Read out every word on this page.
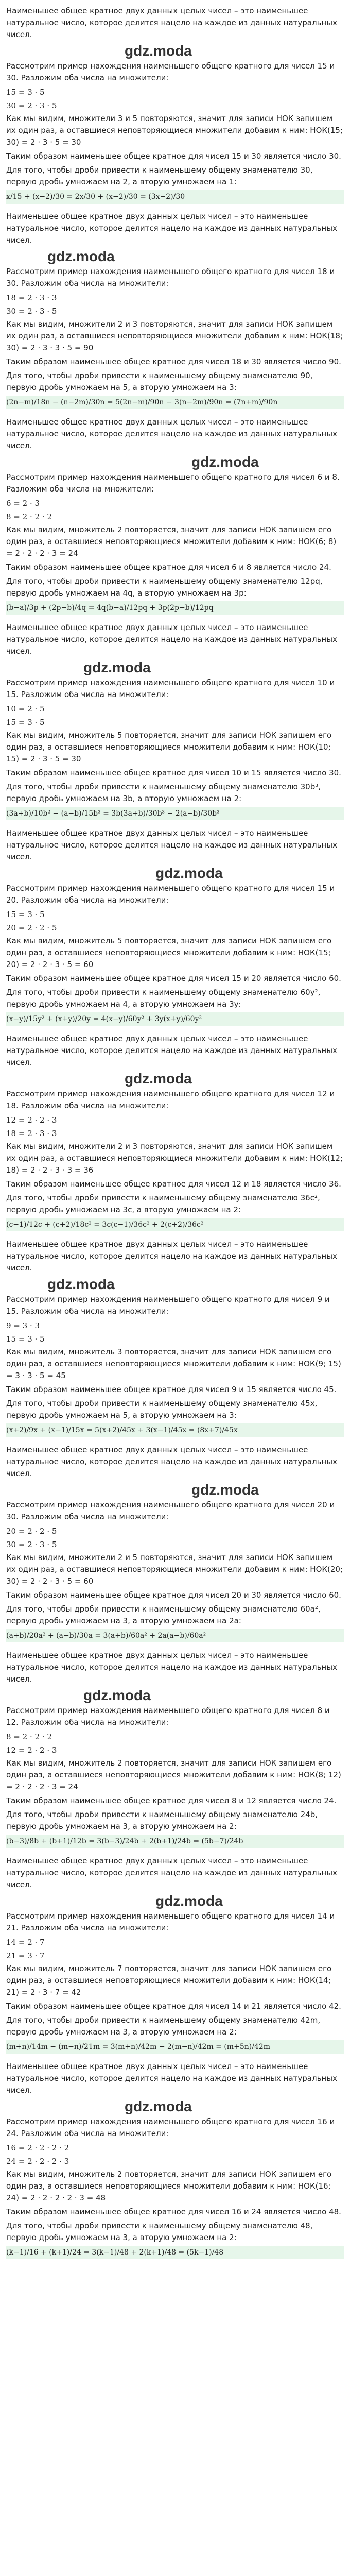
Наименьшее общее кратное двух данных целых чисел – это наименьшее натуральное число, которое делится нацело на каждое из данных натуральных чисел.

gdz.moda

Рассмотрим пример нахождения наименьшего общего кратного для чисел 15 и 30. Разложим оба числа на множители:

15 = 3 · 5
30 = 2 · 3 · 5

Как мы видим, множители 3 и 5 повторяются, значит для записи НОК запишем их один раз, а оставшиеся неповторяющиеся множители добавим к ним: НОК(15; 30) = 2 · 3 · 5 = 30

Таким образом наименьшее общее кратное для чисел 15 и 30 является число 30.

Для того, чтобы дроби привести к наименьшему общему знаменателю 30, первую дробь умножаем на 2, а вторую умножаем на 1:

x/15 + (x−2)/30 = 2x/30 + (x−2)/30 = (3x−2)/30

Наименьшее общее кратное двух данных целых чисел – это наименьшее натуральное число, которое делится нацело на каждое из данных натуральных чисел.

gdz.moda

Рассмотрим пример нахождения наименьшего общего кратного для чисел 18 и 30. Разложим оба числа на множители:

18 = 2 · 3 · 3
30 = 2 · 3 · 5

Как мы видим, множители 2 и 3 повторяются, значит для записи НОК запишем их один раз, а оставшиеся неповторяющиеся множители добавим к ним: НОК(18; 30) = 2 · 3 · 3 · 5 = 90

Таким образом наименьшее общее кратное для чисел 18 и 30 является число 90.

Для того, чтобы дроби привести к наименьшему общему знаменателю 90, первую дробь умножаем на 5, а вторую умножаем на 3:

(2n−m)/18n − (n−2m)/30n = 5(2n−m)/90n − 3(n−2m)/90n = (7n+m)/90n

Наименьшее общее кратное двух данных целых чисел – это наименьшее натуральное число, которое делится нацело на каждое из данных натуральных чисел.

gdz.moda

Рассмотрим пример нахождения наименьшего общего кратного для чисел 6 и 8. Разложим оба числа на множители:

6 = 2 · 3
8 = 2 · 2 · 2

Как мы видим, множитель 2 повторяется, значит для записи НОК запишем его один раз, а оставшиеся неповторяющиеся множители добавим к ним: НОК(6; 8) = 2 · 2 · 2 · 3 = 24

Таким образом наименьшее общее кратное для чисел 6 и 8 является число 24.

Для того, чтобы дроби привести к наименьшему общему знаменателю 12pq, первую дробь умножаем на 4q, а вторую умножаем на 3p:

(b−a)/3p + (2p−b)/4q = 4q(b−a)/12pq + 3p(2p−b)/12pq

Наименьшее общее кратное двух данных целых чисел – это наименьшее натуральное число, которое делится нацело на каждое из данных натуральных чисел.

gdz.moda

Рассмотрим пример нахождения наименьшего общего кратного для чисел 10 и 15. Разложим оба числа на множители:

10 = 2 · 5
15 = 3 · 5

Как мы видим, множитель 5 повторяется, значит для записи НОК запишем его один раз, а оставшиеся неповторяющиеся множители добавим к ним: НОК(10; 15) = 2 · 3 · 5 = 30

Таким образом наименьшее общее кратное для чисел 10 и 15 является число 30.

Для того, чтобы дроби привести к наименьшему общему знаменателю 30b³, первую дробь умножаем на 3b, а вторую умножаем на 2:

(3a+b)/10b² − (a−b)/15b³ = 3b(3a+b)/30b³ − 2(a−b)/30b³

Наименьшее общее кратное двух данных целых чисел – это наименьшее натуральное число, которое делится нацело на каждое из данных натуральных чисел.

gdz.moda

Рассмотрим пример нахождения наименьшего общего кратного для чисел 15 и 20. Разложим оба числа на множители:

15 = 3 · 5
20 = 2 · 2 · 5

Как мы видим, множитель 5 повторяется, значит для записи НОК запишем его один раз, а оставшиеся неповторяющиеся множители добавим к ним: НОК(15; 20) = 2 · 2 · 3 · 5 = 60

Таким образом наименьшее общее кратное для чисел 15 и 20 является число 60.

Для того, чтобы дроби привести к наименьшему общему знаменателю 60y², первую дробь умножаем на 4, а вторую умножаем на 3y:

(x−y)/15y² + (x+y)/20y = 4(x−y)/60y² + 3y(x+y)/60y²

Наименьшее общее кратное двух данных целых чисел – это наименьшее натуральное число, которое делится нацело на каждое из данных натуральных чисел.

gdz.moda

Рассмотрим пример нахождения наименьшего общего кратного для чисел 12 и 18. Разложим оба числа на множители:

12 = 2 · 2 · 3
18 = 2 · 3 · 3

Как мы видим, множители 2 и 3 повторяются, значит для записи НОК запишем их один раз, а оставшиеся неповторяющиеся множители добавим к ним: НОК(12; 18) = 2 · 2 · 3 · 3 = 36

Таким образом наименьшее общее кратное для чисел 12 и 18 является число 36.

Для того, чтобы дроби привести к наименьшему общему знаменателю 36c², первую дробь умножаем на 3c, а вторую умножаем на 2:

(c−1)/12c + (c+2)/18c² = 3c(c−1)/36c² + 2(c+2)/36c²

Наименьшее общее кратное двух данных целых чисел – это наименьшее натуральное число, которое делится нацело на каждое из данных натуральных чисел.

gdz.moda

Рассмотрим пример нахождения наименьшего общего кратного для чисел 9 и 15. Разложим оба числа на множители:

9 = 3 · 3
15 = 3 · 5

Как мы видим, множитель 3 повторяется, значит для записи НОК запишем его один раз, а оставшиеся неповторяющиеся множители добавим к ним: НОК(9; 15) = 3 · 3 · 5 = 45

Таким образом наименьшее общее кратное для чисел 9 и 15 является число 45.

Для того, чтобы дроби привести к наименьшему общему знаменателю 45x, первую дробь умножаем на 5, а вторую умножаем на 3:

(x+2)/9x + (x−1)/15x = 5(x+2)/45x + 3(x−1)/45x = (8x+7)/45x

Наименьшее общее кратное двух данных целых чисел – это наименьшее натуральное число, которое делится нацело на каждое из данных натуральных чисел.

gdz.moda

Рассмотрим пример нахождения наименьшего общего кратного для чисел 20 и 30. Разложим оба числа на множители:

20 = 2 · 2 · 5
30 = 2 · 3 · 5

Как мы видим, множители 2 и 5 повторяются, значит для записи НОК запишем их один раз, а оставшиеся неповторяющиеся множители добавим к ним: НОК(20; 30) = 2 · 2 · 3 · 5 = 60

Таким образом наименьшее общее кратное для чисел 20 и 30 является число 60.

Для того, чтобы дроби привести к наименьшему общему знаменателю 60a², первую дробь умножаем на 3, а вторую умножаем на 2a:

(a+b)/20a² + (a−b)/30a = 3(a+b)/60a² + 2a(a−b)/60a²

Наименьшее общее кратное двух данных целых чисел – это наименьшее натуральное число, которое делится нацело на каждое из данных натуральных чисел.

gdz.moda

Рассмотрим пример нахождения наименьшего общего кратного для чисел 8 и 12. Разложим оба числа на множители:

8 = 2 · 2 · 2
12 = 2 · 2 · 3

Как мы видим, множитель 2 повторяется, значит для записи НОК запишем его один раз, а оставшиеся неповторяющиеся множители добавим к ним: НОК(8; 12) = 2 · 2 · 2 · 3 = 24

Таким образом наименьшее общее кратное для чисел 8 и 12 является число 24.

Для того, чтобы дроби привести к наименьшему общему знаменателю 24b, первую дробь умножаем на 3, а вторую умножаем на 2:

(b−3)/8b + (b+1)/12b = 3(b−3)/24b + 2(b+1)/24b = (5b−7)/24b

Наименьшее общее кратное двух данных целых чисел – это наименьшее натуральное число, которое делится нацело на каждое из данных натуральных чисел.

gdz.moda

Рассмотрим пример нахождения наименьшего общего кратного для чисел 14 и 21. Разложим оба числа на множители:

14 = 2 · 7
21 = 3 · 7

Как мы видим, множитель 7 повторяется, значит для записи НОК запишем его один раз, а оставшиеся неповторяющиеся множители добавим к ним: НОК(14; 21) = 2 · 3 · 7 = 42

Таким образом наименьшее общее кратное для чисел 14 и 21 является число 42.

Для того, чтобы дроби привести к наименьшему общему знаменателю 42m, первую дробь умножаем на 3, а вторую умножаем на 2:

(m+n)/14m − (m−n)/21m = 3(m+n)/42m − 2(m−n)/42m = (m+5n)/42m

Наименьшее общее кратное двух данных целых чисел – это наименьшее натуральное число, которое делится нацело на каждое из данных натуральных чисел.

gdz.moda

Рассмотрим пример нахождения наименьшего общего кратного для чисел 16 и 24. Разложим оба числа на множители:

16 = 2 · 2 · 2 · 2
24 = 2 · 2 · 2 · 3

Как мы видим, множитель 2 повторяется, значит для записи НОК запишем его один раз, а оставшиеся неповторяющиеся множители добавим к ним: НОК(16; 24) = 2 · 2 · 2 · 2 · 3 = 48

Таким образом наименьшее общее кратное для чисел 16 и 24 является число 48.

Для того, чтобы дроби привести к наименьшему общему знаменателю 48, первую дробь умножаем на 3, а вторую умножаем на 2:

(k−1)/16 + (k+1)/24 = 3(k−1)/48 + 2(k+1)/48 = (5k−1)/48
